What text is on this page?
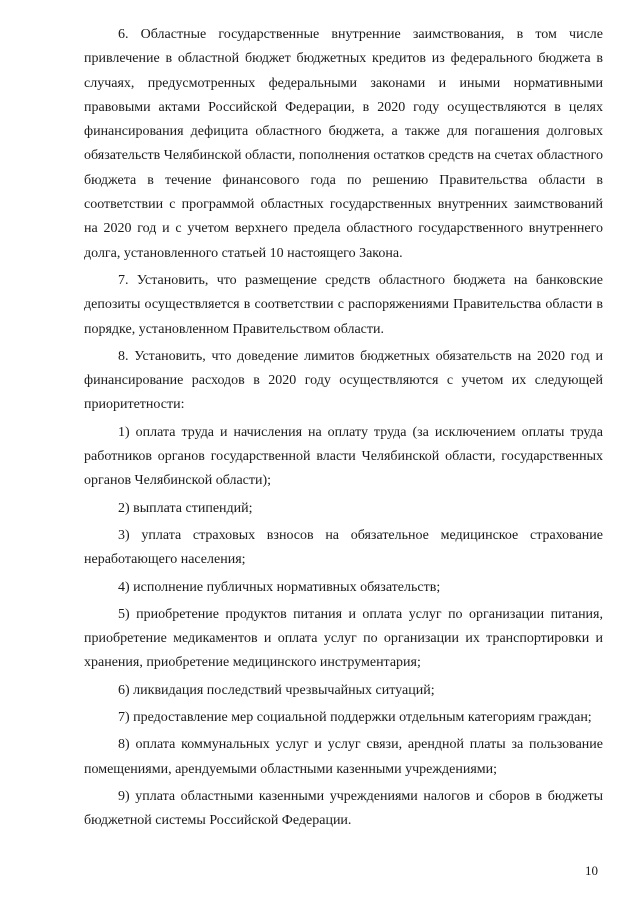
6. Областные государственные внутренние заимствования, в том числе привлечение в областной бюджет бюджетных кредитов из федерального бюджета в случаях, предусмотренных федеральными законами и иными нормативными правовыми актами Российской Федерации, в 2020 году осуществляются в целях финансирования дефицита областного бюджета, а также для погашения долговых обязательств Челябинской области, пополнения остатков средств на счетах областного бюджета в течение финансового года по решению Правительства области в соответствии с программой областных государственных внутренних заимствований на 2020 год и с учетом верхнего предела областного государственного внутреннего долга, установленного статьей 10 настоящего Закона.

7. Установить, что размещение средств областного бюджета на банковские депозиты осуществляется в соответствии с распоряжениями Правительства области в порядке, установленном Правительством области.

8. Установить, что доведение лимитов бюджетных обязательств на 2020 год и финансирование расходов в 2020 году осуществляются с учетом их следующей приоритетности:

1) оплата труда и начисления на оплату труда (за исключением оплаты труда работников органов государственной власти Челябинской области, государственных органов Челябинской области);

2) выплата стипендий;

3) уплата страховых взносов на обязательное медицинское страхование неработающего населения;

4) исполнение публичных нормативных обязательств;

5) приобретение продуктов питания и оплата услуг по организации питания, приобретение медикаментов и оплата услуг по организации их транспортировки и хранения, приобретение медицинского инструментария;

6) ликвидация последствий чрезвычайных ситуаций;

7) предоставление мер социальной поддержки отдельным категориям граждан;

8) оплата коммунальных услуг и услуг связи, арендной платы за пользование помещениями, арендуемыми областными казенными учреждениями;

9) уплата областными казенными учреждениями налогов и сборов в бюджеты бюджетной системы Российской Федерации.

10
